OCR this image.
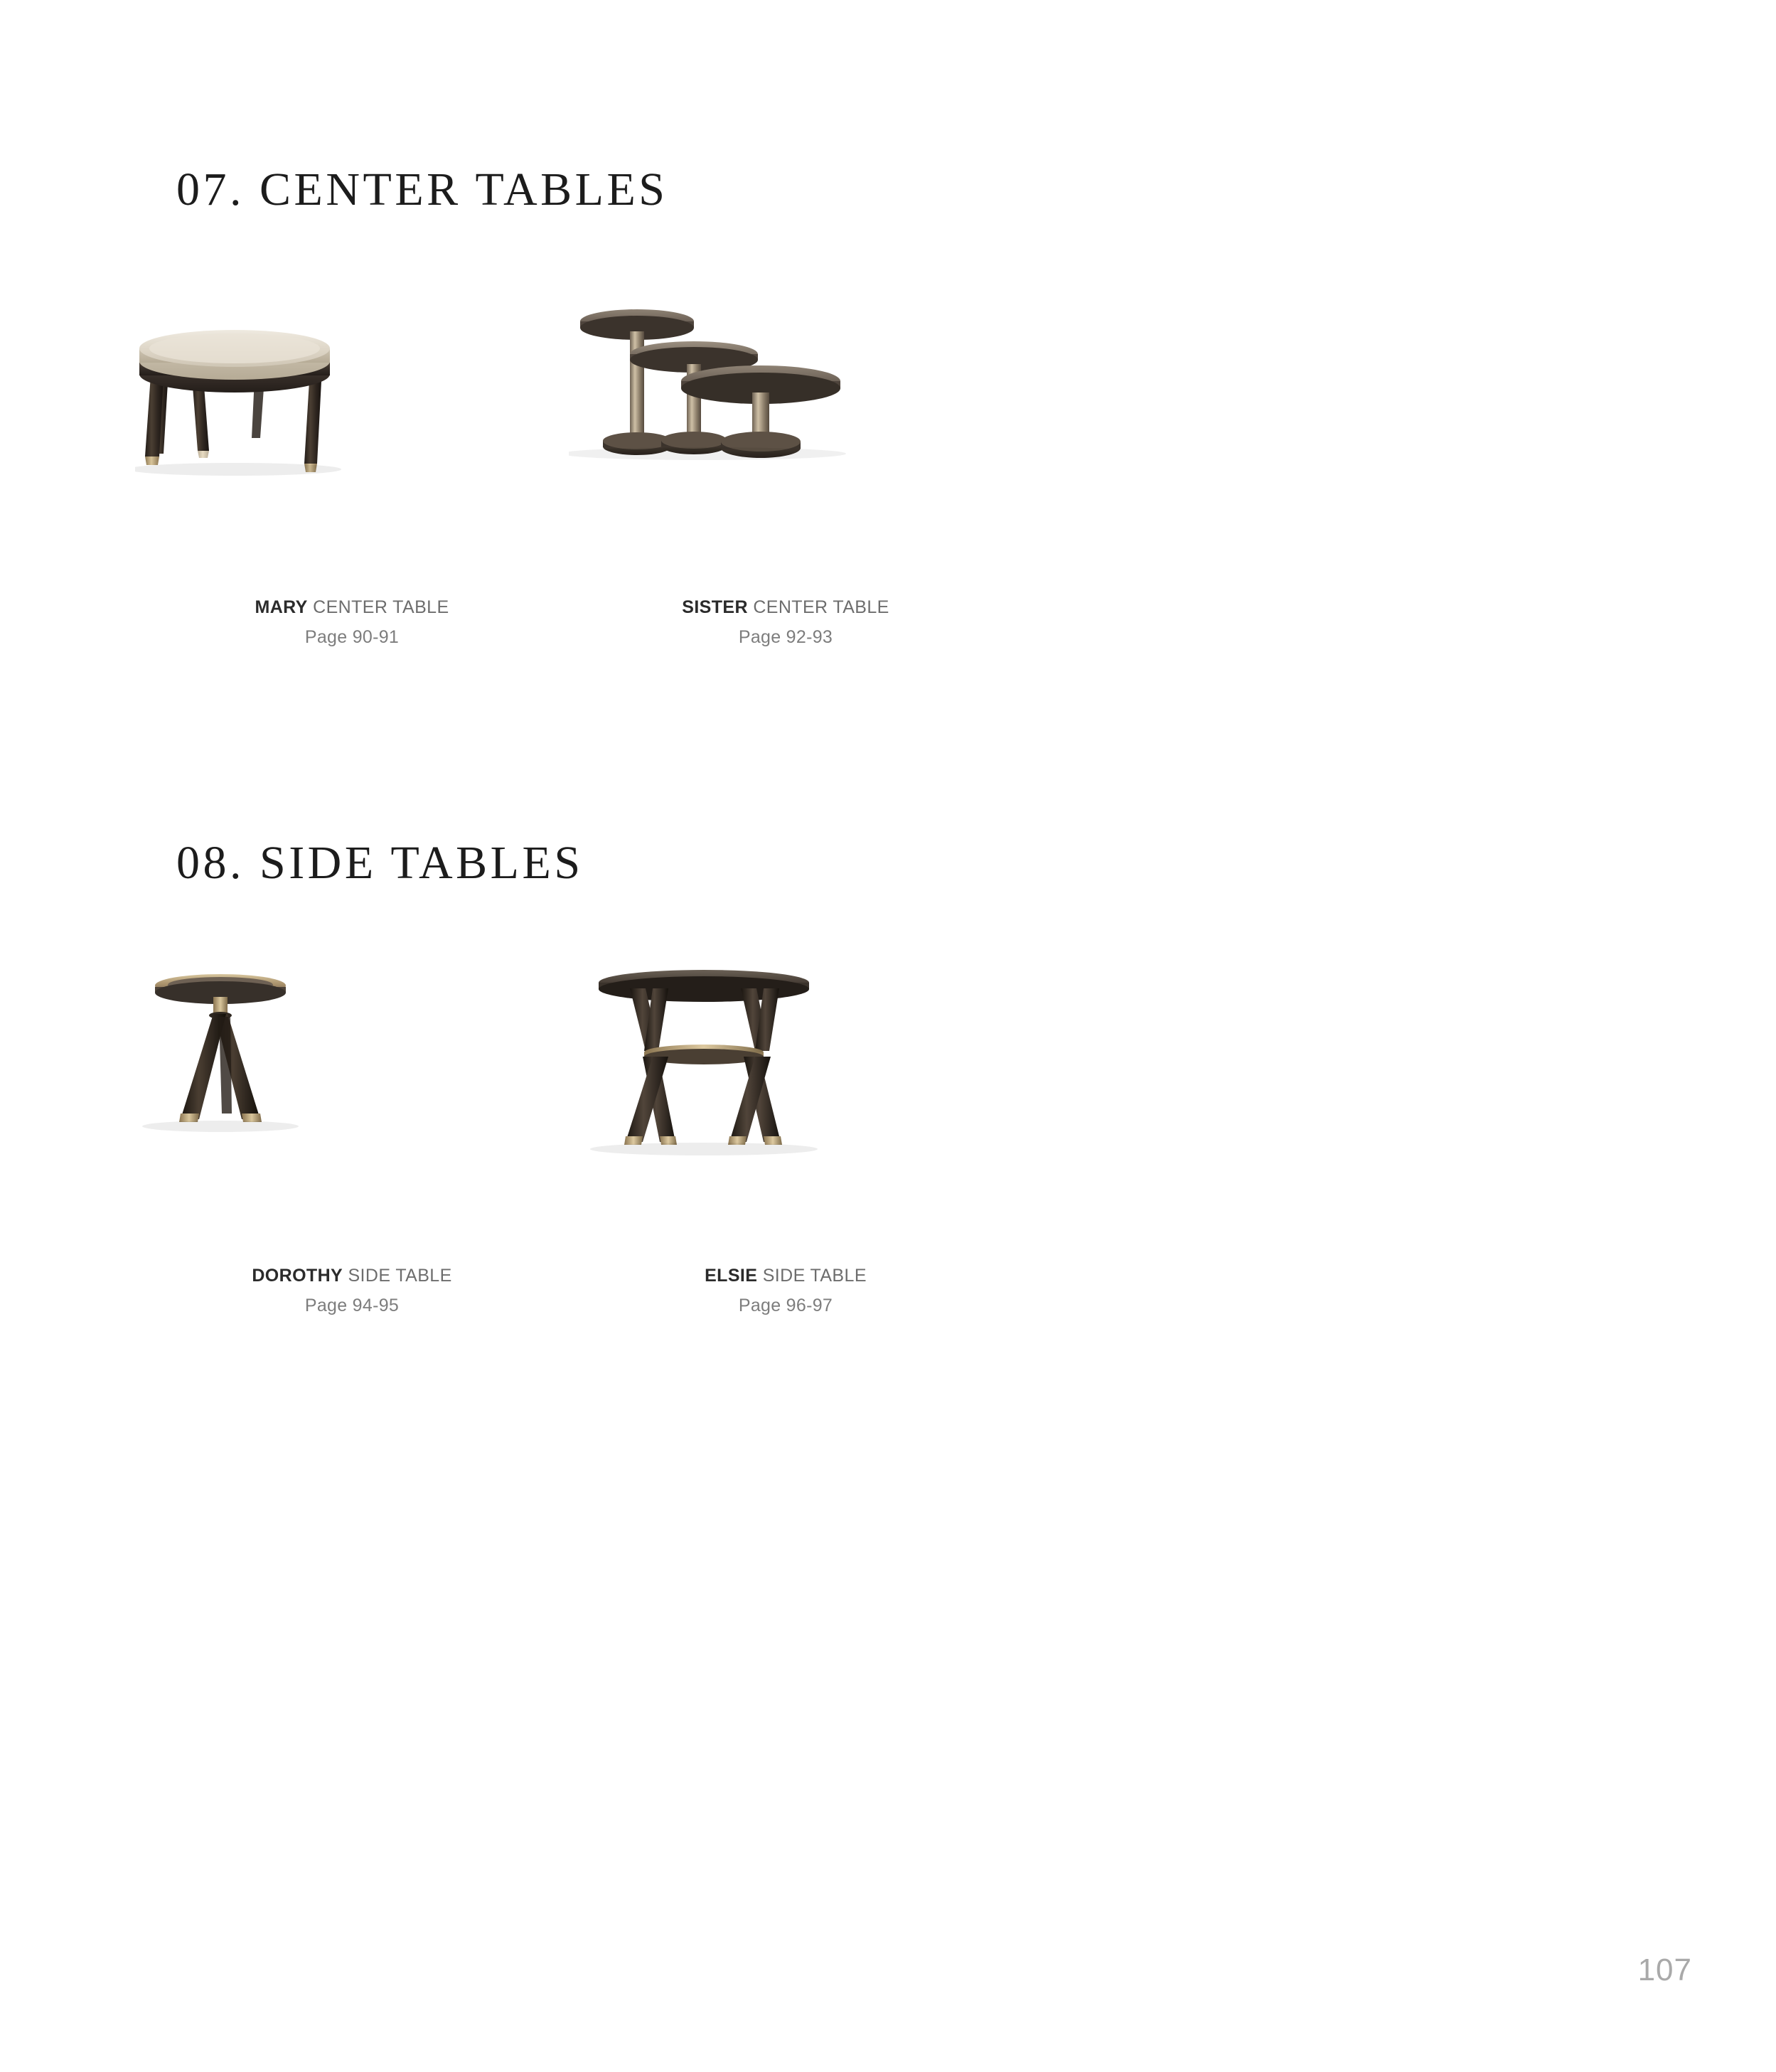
07. CENTER TABLES
MARY CENTER TABLE
Page 90-91
SISTER CENTER TABLE
Page 92-93
08. SIDE TABLES
DOROTHY SIDE TABLE
Page 94-95
ELSIE SIDE TABLE
Page 96-97
107
